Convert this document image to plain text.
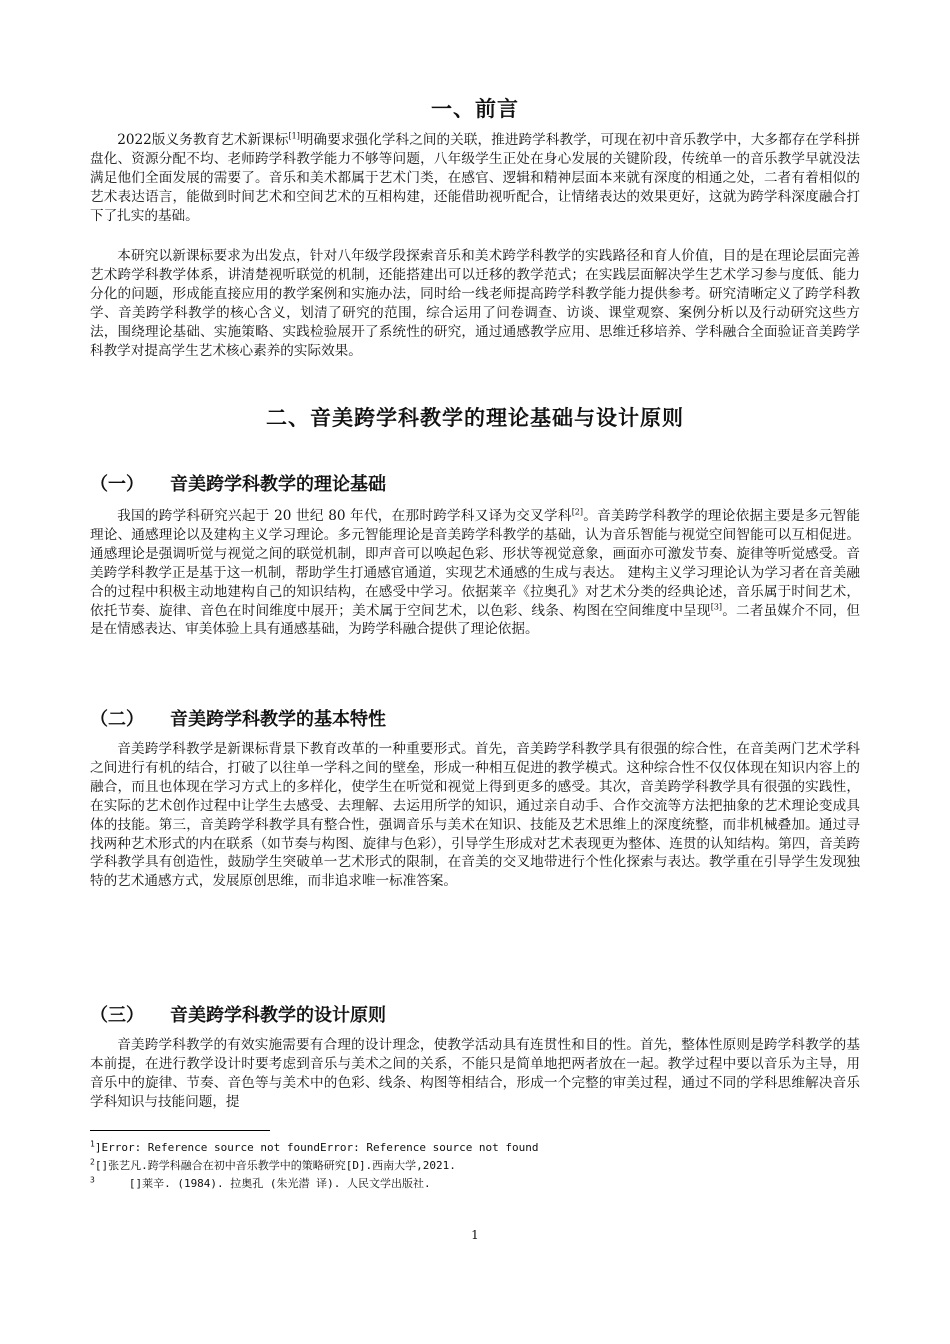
一、前言

2022版义务教育艺术新课标[1]明确要求强化学科之间的关联，推进跨学科教学，可现在初中音乐教学中，大多都存在学科拼盘化、资源分配不均、老师跨学科教学能力不够等问题，八年级学生正处在身心发展的关键阶段，传统单一的音乐教学早就没法满足他们全面发展的需要了。音乐和美术都属于艺术门类，在感官、逻辑和精神层面本来就有深度的相通之处，二者有着相似的艺术表达语言，能做到时间艺术和空间艺术的互相构建，还能借助视听配合，让情绪表达的效果更好，这就为跨学科深度融合打下了扎实的基础。

本研究以新课标要求为出发点，针对八年级学段探索音乐和美术跨学科教学的实践路径和育人价值，目的是在理论层面完善艺术跨学科教学体系，讲清楚视听联觉的机制，还能搭建出可以迁移的教学范式；在实践层面解决学生艺术学习参与度低、能力分化的问题，形成能直接应用的教学案例和实施办法，同时给一线老师提高跨学科教学能力提供参考。研究清晰定义了跨学科教学、音美跨学科教学的核心含义，划清了研究的范围，综合运用了问卷调查、访谈、课堂观察、案例分析以及行动研究这些方法，围绕理论基础、实施策略、实践检验展开了系统性的研究，通过通感教学应用、思维迁移培养、学科融合全面验证音美跨学科教学对提高学生艺术核心素养的实际效果。

二、音美跨学科教学的理论基础与设计原则
（一） 音美跨学科教学的理论基础

我国的跨学科研究兴起于 20 世纪 80 年代，在那时跨学科又译为交叉学科[2]。音美跨学科教学的理论依据主要是多元智能理论、通感理论以及建构主义学习理论。多元智能理论是音美跨学科教学的基础，认为音乐智能与视觉空间智能可以互相促进。通感理论是强调听觉与视觉之间的联觉机制，即声音可以唤起色彩、形状等视觉意象，画面亦可激发节奏、旋律等听觉感受。音美跨学科教学正是基于这一机制，帮助学生打通感官通道，实现艺术通感的生成与表达。 建构主义学习理论认为学习者在音美融合的过程中积极主动地建构自己的知识结构，在感受中学习。依据莱辛《拉奥孔》对艺术分类的经典论述，音乐属于时间艺术，依托节奏、旋律、音色在时间维度中展开；美术属于空间艺术，以色彩、线条、构图在空间维度中呈现[3]。二者虽媒介不同，但是在情感表达、审美体验上具有通感基础，为跨学科融合提供了理论依据。

（二） 音美跨学科教学的基本特性

音美跨学科教学是新课标背景下教育改革的一种重要形式。首先，音美跨学科教学具有很强的综合性，在音美两门艺术学科之间进行有机的结合，打破了以往单一学科之间的壁垒，形成一种相互促进的教学模式。这种综合性不仅仅体现在知识内容上的融合，而且也体现在学习方式上的多样化，使学生在听觉和视觉上得到更多的感受。其次，音美跨学科教学具有很强的实践性，在实际的艺术创作过程中让学生去感受、去理解、去运用所学的知识，通过亲自动手、合作交流等方法把抽象的艺术理论变成具体的技能。第三，音美跨学科教学具有整合性，强调音乐与美术在知识、技能及艺术思维上的深度统整，而非机械叠加。通过寻找两种艺术形式的内在联系（如节奏与构图、旋律与色彩），引导学生形成对艺术表现更为整体、连贯的认知结构。第四，音美跨学科教学具有创造性，鼓励学生突破单一艺术形式的限制，在音美的交叉地带进行个性化探索与表达。教学重在引导学生发现独特的艺术通感方式，发展原创思维，而非追求唯一标准答案。

（三） 音美跨学科教学的设计原则

音美跨学科教学的有效实施需要有合理的设计理念，使教学活动具有连贯性和目的性。首先，整体性原则是跨学科教学的基本前提，在进行教学设计时要考虑到音乐与美术之间的关系，不能只是简单地把两者放在一起。教学过程中要以音乐为主导，用音乐中的旋律、节奏、音色等与美术中的色彩、线条、构图等相结合，形成一个完整的审美过程，通过不同的学科思维解决音乐学科知识与技能问题，提

$^1$]Error: Reference source not foundError: Reference source not found
$^2$[]张艺凡.跨学科融合在初中音乐教学中的策略研究[D].西南大学,2021.
$^3$	[]莱辛. (1984). 拉奥孔 (朱光潜 译). 人民文学出版社.
1
